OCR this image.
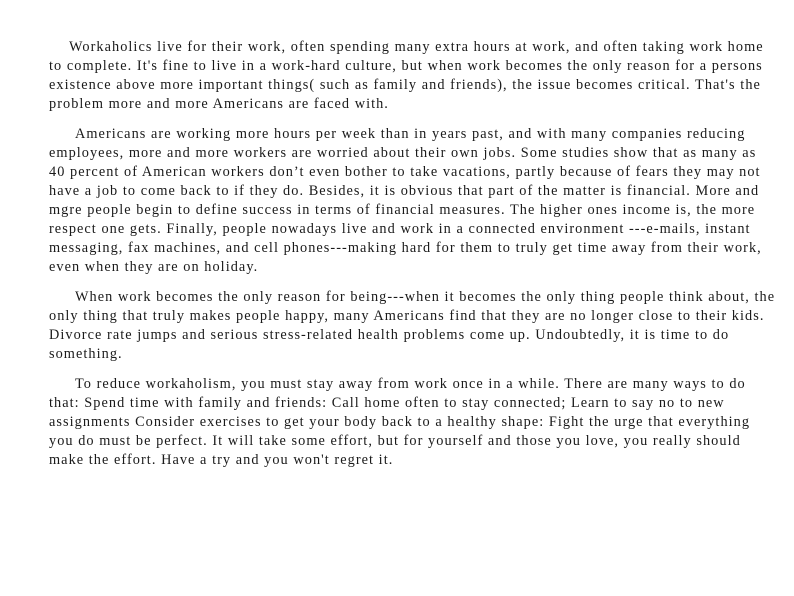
Workaholics live for their work, often spending many extra hours at work, and often taking work home to complete. It's fine to live in a work-hard culture, but when work becomes the only reason for a persons existence above more important things( such as family and friends), the issue becomes critical. That's the problem more and more Americans are faced with.

Americans are working more hours per week than in years past, and with many companies reducing employees, more and more workers are worried about their own jobs. Some studies show that as many as 40 percent of American workers don’t even bother to take vacations, partly because of fears they may not have a job to come back to if they do. Besides, it is obvious that part of the matter is financial. More and mgre people begin to define success in terms of financial measures. The higher ones income is, the more respect one gets. Finally, people nowadays live and work in a connected environment ---e-mails, instant messaging, fax machines, and cell phones---making hard for them to truly get time away from their work, even when they are on holiday.

When work becomes the only reason for being---when it becomes the only thing people think about, the only thing that truly makes people happy, many Americans find that they are no longer close to their kids. Divorce rate jumps and serious stress-related health problems come up. Undoubtedly, it is time to do something.

To reduce workaholism, you must stay away from work once in a while. There are many ways to do that: Spend time with family and friends: Call home often to stay connected; Learn to say no to new assignments Consider exercises to get your body back to a healthy shape: Fight the urge that everything you do must be perfect. It will take some effort, but for yourself and those you love, you really should make the effort. Have a try and you won't regret it.
